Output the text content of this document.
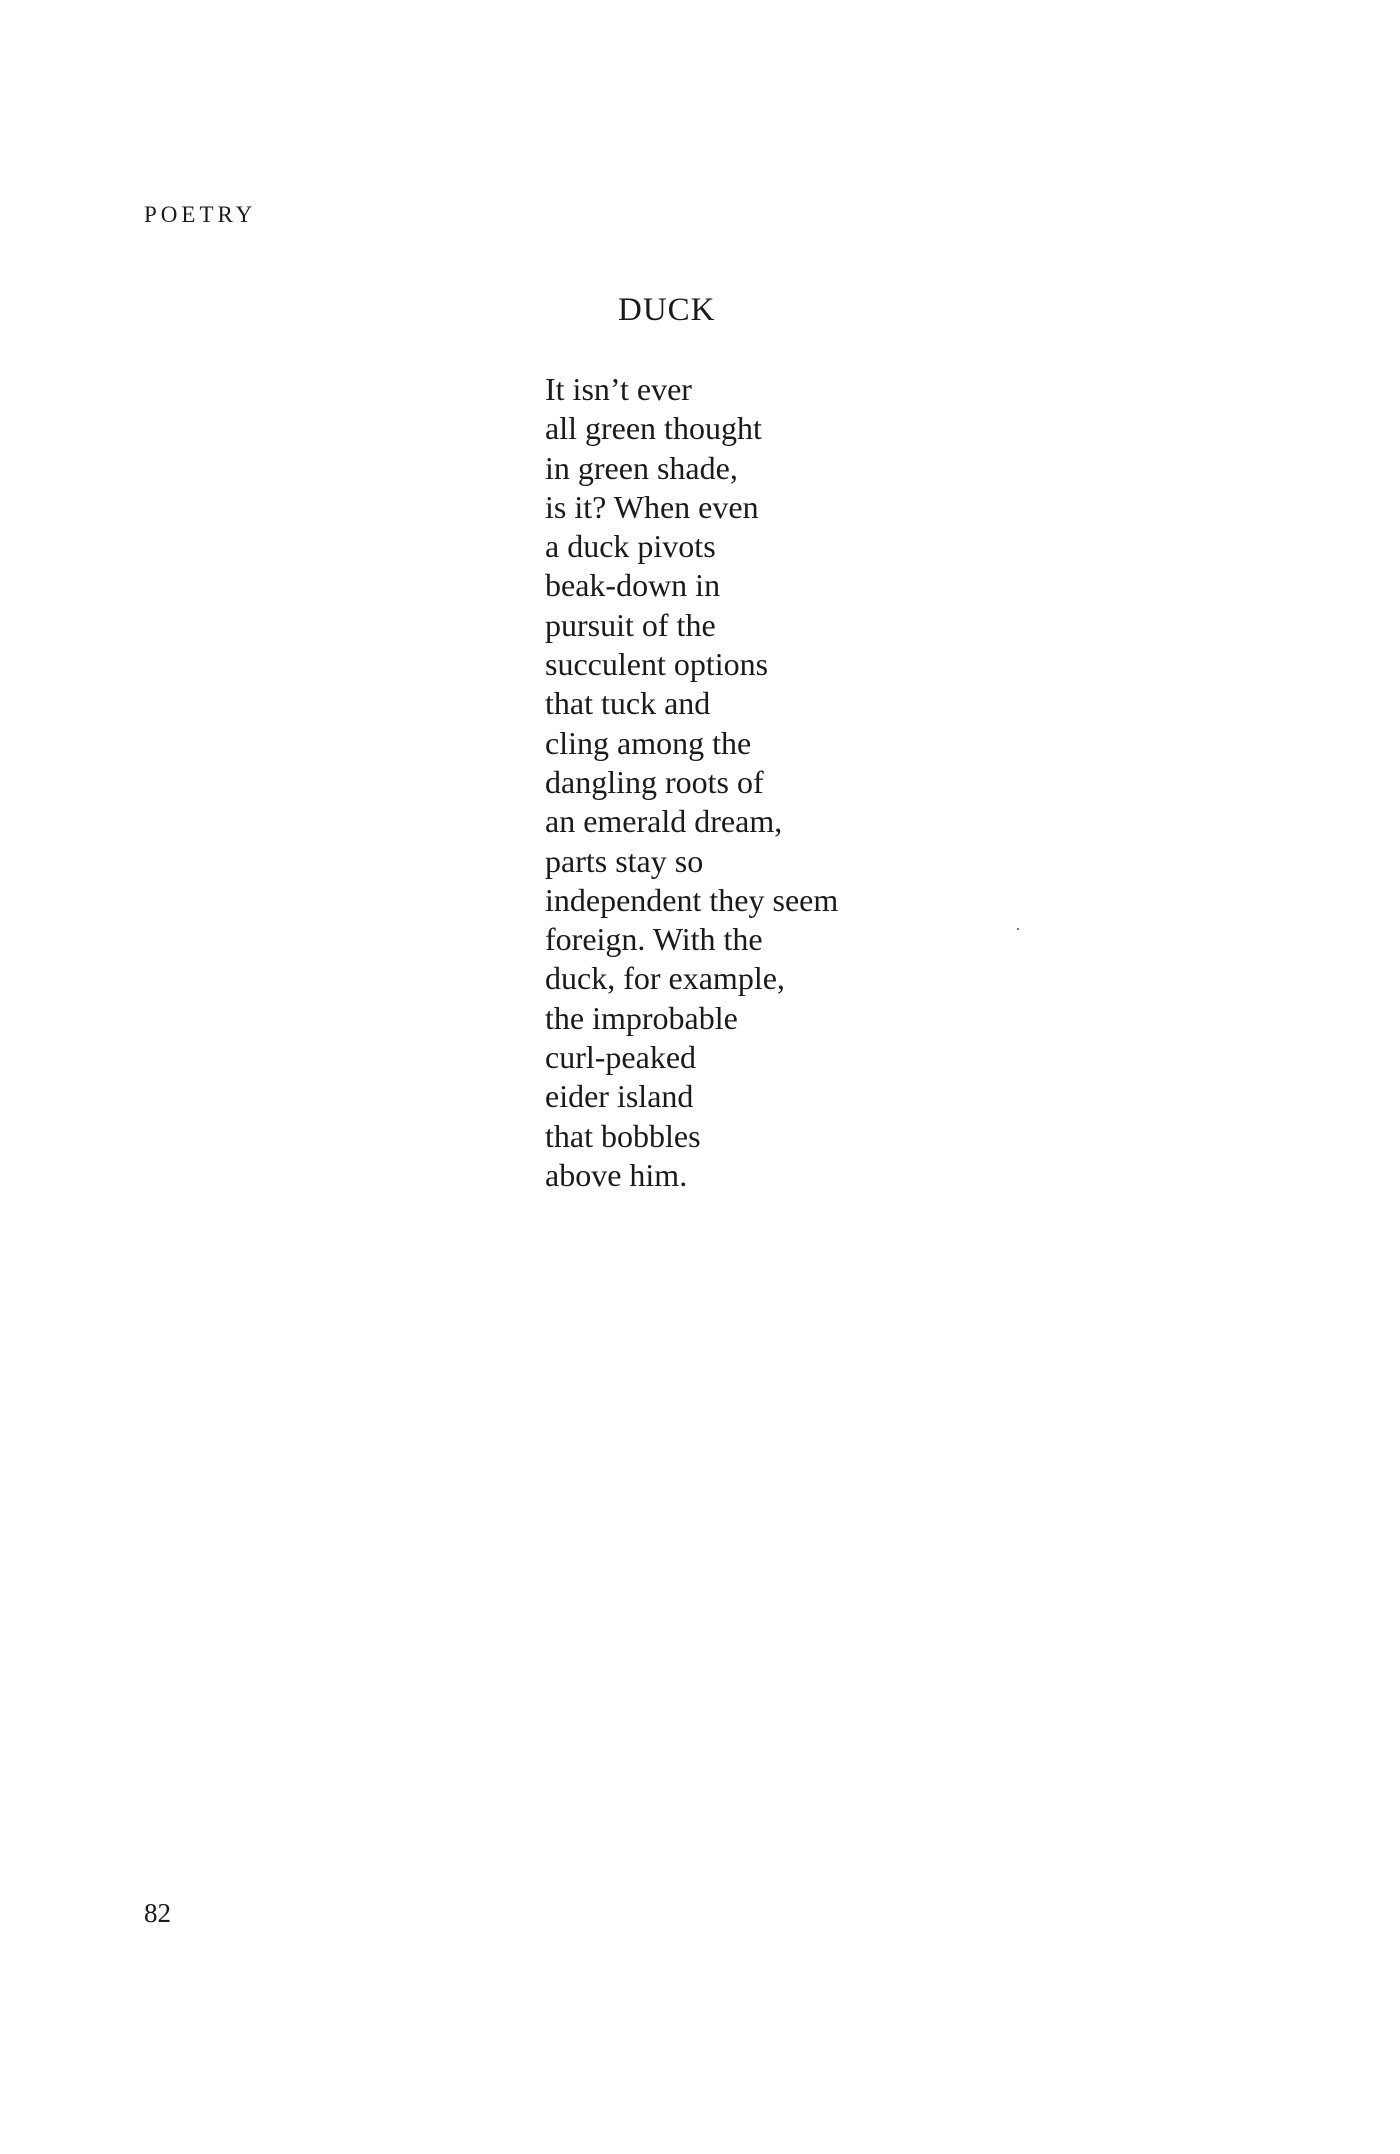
POETRY

DUCK
It isn’t ever
all green thought
in green shade,
is it? When even
a duck pivots
beak-down in
pursuit of the
succulent options
that tuck and
cling among the
dangling roots of
an emerald dream,
parts stay so
independent they seem
foreign. With the
duck, for example,
the improbable
curl-peaked
eider island
that bobbles
above him.

82
